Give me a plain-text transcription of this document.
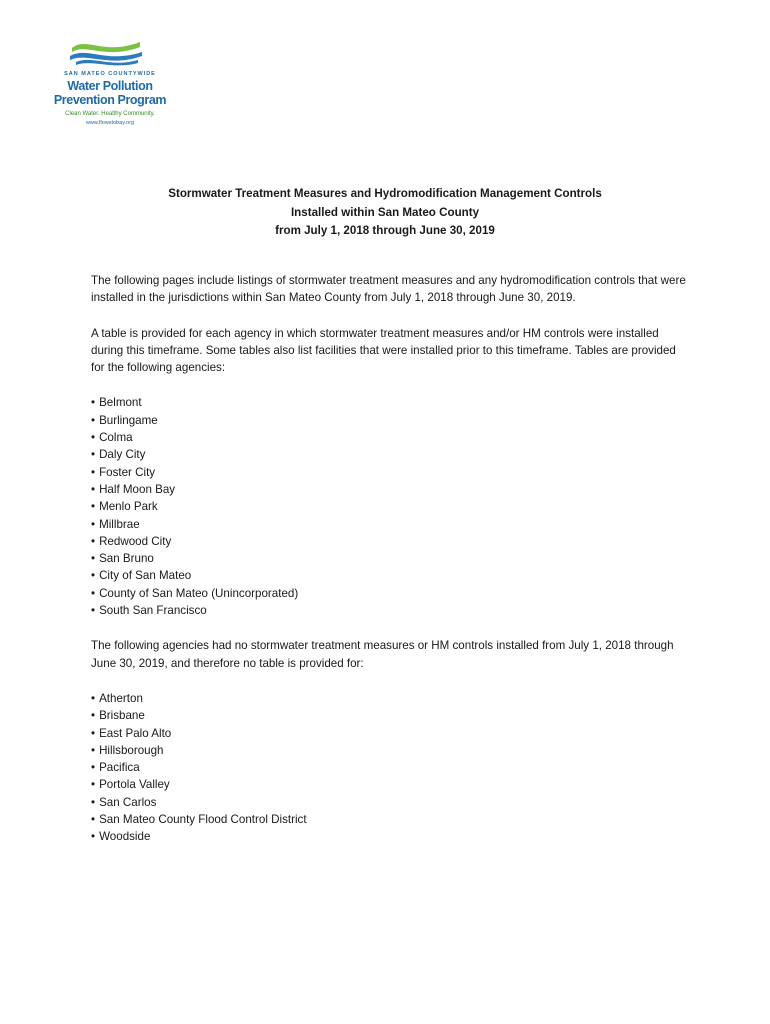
SAN MATEO COUNTYWIDE
Water Pollution
Prevention Program
Clean Water. Healthy Community.
www.flowstobay.org
Stormwater Treatment Measures and Hydromodification Management Controls
Installed within San Mateo County
from July 1, 2018 through June 30, 2019

The following pages include listings of stormwater treatment measures and any hydromodification controls that were installed in the jurisdictions within San Mateo County from July 1, 2018 through June 30, 2019.

A table is provided for each agency in which stormwater treatment measures and/or HM controls were installed during this timeframe. Some tables also list facilities that were installed prior to this timeframe. Tables are provided for the following agencies:

• Belmont
• Burlingame
• Colma
• Daly City
• Foster City
• Half Moon Bay
• Menlo Park
• Millbrae
• Redwood City
• San Bruno
• City of San Mateo
• County of San Mateo (Unincorporated)
• South San Francisco

The following agencies had no stormwater treatment measures or HM controls installed from July 1, 2018 through June 30, 2019, and therefore no table is provided for:

• Atherton
• Brisbane
• East Palo Alto
• Hillsborough
• Pacifica
• Portola Valley
• San Carlos
• San Mateo County Flood Control District
• Woodside
